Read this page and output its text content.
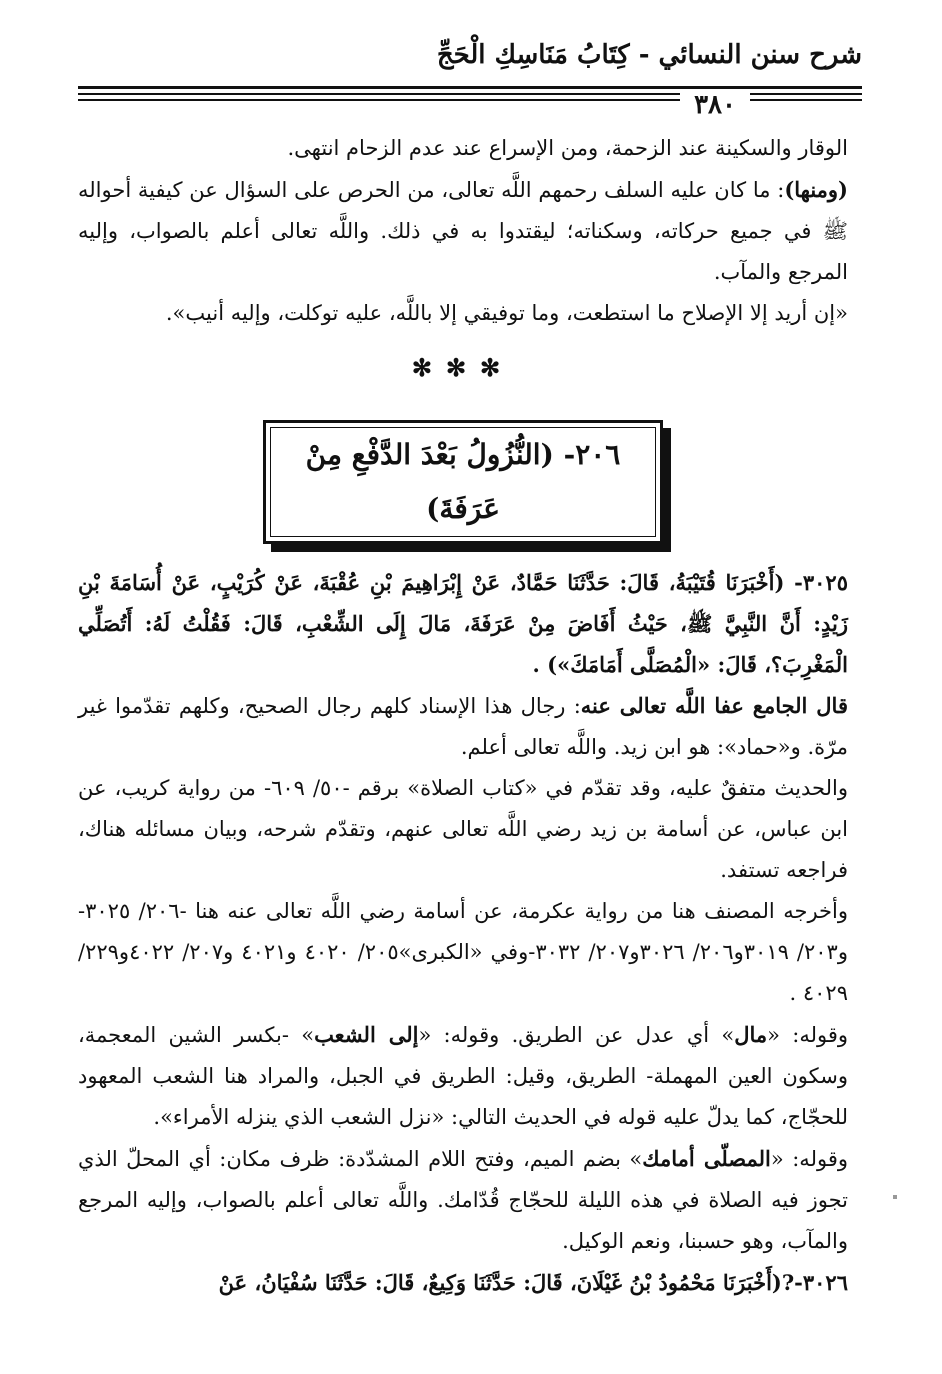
شرح سنن النسائي - كِتَابُ مَنَاسِكِ الْحَجِّ
٣٨٠

الوقار والسكينة عند الزحمة، ومن الإسراع عند عدم الزحام انتهى.

(ومنها): ما كان عليه السلف رحمهم اللَّه تعالى، من الحرص على السؤال عن كيفية أحواله ﷺ في جميع حركاته، وسكناته؛ ليقتدوا به في ذلك. واللَّه تعالى أعلم بالصواب، وإليه المرجع والمآب.

«إن أريد إلا الإصلاح ما استطعت، وما توفيقي إلا باللَّه، عليه توكلت، وإليه أنيب».

✻✻✻
٢٠٦- (النُّزُولُ بَعْدَ الدَّفْعِ مِنْ عَرَفَةَ)

٣٠٢٥- (أَخْبَرَنَا قُتَيْبَةُ، قَالَ: حَدَّثَنَا حَمَّادٌ، عَنْ إِبْرَاهِيمَ بْنِ عُقْبَةَ، عَنْ كُرَيْبٍ، عَنْ أُسَامَةَ بْنِ زَيْدٍ: أَنَّ النَّبِيَّ ﷺ، حَيْثُ أَفَاضَ مِنْ عَرَفَةَ، مَالَ إِلَى الشِّعْبِ، قَالَ: فَقُلْتُ لَهُ: أَتُصَلِّي الْمَغْرِبَ؟، قَالَ: «الْمُصَلَّى أَمَامَكَ») .

قال الجامع عفا اللَّه تعالى عنه: رجال هذا الإسناد كلهم رجال الصحيح، وكلهم تقدّموا غير مرّة. و«حماد»: هو ابن زيد. واللَّه تعالى أعلم.

والحديث متفقٌ عليه، وقد تقدّم في «كتاب الصلاة» برقم -٥٠/ ٦٠٩- من رواية كريب، عن ابن عباس، عن أسامة بن زيد رضي اللَّه تعالى عنهم، وتقدّم شرحه، وبيان مسائله هناك، فراجعه تستفد.

وأخرجه المصنف هنا من رواية عكرمة، عن أسامة رضي اللَّه تعالى عنه هنا -٢٠٦/ ٣٠٢٥-و٢٠٣/ ٣٠١٩و٢٠٦/ ٣٠٢٦و٢٠٧/ ٣٠٣٢-وفي «الكبرى»٢٠٥/ ٤٠٢٠ و٤٠٢١ و٢٠٧/ ٤٠٢٢و٢٢٩/ ٤٠٢٩ .

وقوله: «مال» أي عدل عن الطريق. وقوله: «إلى الشعب» -بكسر الشين المعجمة، وسكون العين المهملة- الطريق، وقيل: الطريق في الجبل، والمراد هنا الشعب المعهود للحجّاج، كما يدلّ عليه قوله في الحديث التالي: «نزل الشعب الذي ينزله الأمراء».

وقوله: «المصلّى أمامك» بضم الميم، وفتح اللام المشدّدة: ظرف مكان: أي المحلّ الذي تجوز فيه الصلاة في هذه الليلة للحجّاج قُدّامك. واللَّه تعالى أعلم بالصواب، وإليه المرجع والمآب، وهو حسبنا، ونعم الوكيل.

٣٠٢٦-?(أَخْبَرَنَا مَحْمُودُ بْنُ غَيْلَانَ، قَالَ: حَدَّثَنَا وَكِيعٌ، قَالَ: حَدَّثَنَا سُفْيَانُ، عَنْ
